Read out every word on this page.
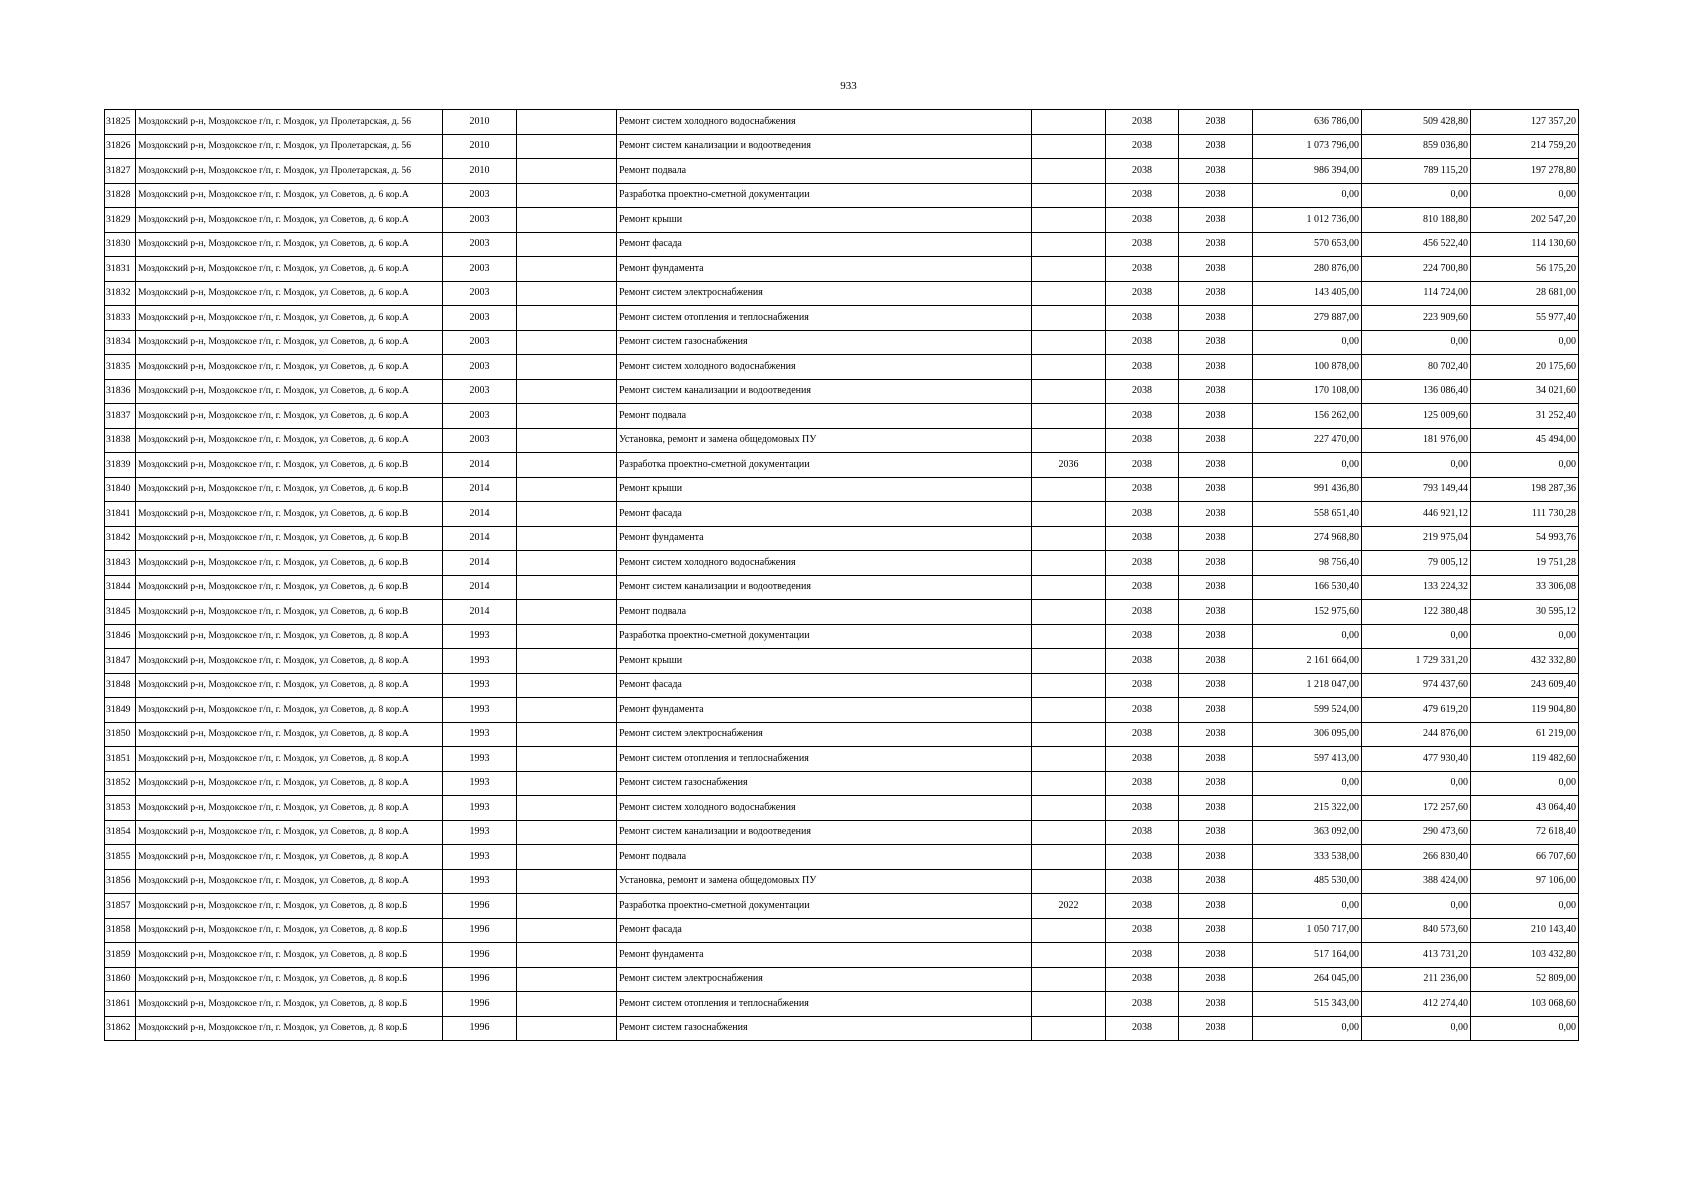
933
31825	Моздокский р-н, Моздокское г/п, г. Моздок, ул Пролетарская, д. 56	2010		Ремонт систем холодного водоснабжения		2038	2038	636 786,00	509 428,80	127 357,20
31826	Моздокский р-н, Моздокское г/п, г. Моздок, ул Пролетарская, д. 56	2010		Ремонт систем канализации и водоотведения		2038	2038	1 073 796,00	859 036,80	214 759,20
31827	Моздокский р-н, Моздокское г/п, г. Моздок, ул Пролетарская, д. 56	2010		Ремонт подвала		2038	2038	986 394,00	789 115,20	197 278,80
31828	Моздокский р-н, Моздокское г/п, г. Моздок, ул Советов, д. 6 кор.А	2003		Разработка проектно-сметной документации		2038	2038	0,00	0,00	0,00
31829	Моздокский р-н, Моздокское г/п, г. Моздок, ул Советов, д. 6 кор.А	2003		Ремонт крыши		2038	2038	1 012 736,00	810 188,80	202 547,20
31830	Моздокский р-н, Моздокское г/п, г. Моздок, ул Советов, д. 6 кор.А	2003		Ремонт фасада		2038	2038	570 653,00	456 522,40	114 130,60
31831	Моздокский р-н, Моздокское г/п, г. Моздок, ул Советов, д. 6 кор.А	2003		Ремонт фундамента		2038	2038	280 876,00	224 700,80	56 175,20
31832	Моздокский р-н, Моздокское г/п, г. Моздок, ул Советов, д. 6 кор.А	2003		Ремонт систем электроснабжения		2038	2038	143 405,00	114 724,00	28 681,00
31833	Моздокский р-н, Моздокское г/п, г. Моздок, ул Советов, д. 6 кор.А	2003		Ремонт систем отопления и теплоснабжения		2038	2038	279 887,00	223 909,60	55 977,40
31834	Моздокский р-н, Моздокское г/п, г. Моздок, ул Советов, д. 6 кор.А	2003		Ремонт систем газоснабжения		2038	2038	0,00	0,00	0,00
31835	Моздокский р-н, Моздокское г/п, г. Моздок, ул Советов, д. 6 кор.А	2003		Ремонт систем холодного водоснабжения		2038	2038	100 878,00	80 702,40	20 175,60
31836	Моздокский р-н, Моздокское г/п, г. Моздок, ул Советов, д. 6 кор.А	2003		Ремонт систем канализации и водоотведения		2038	2038	170 108,00	136 086,40	34 021,60
31837	Моздокский р-н, Моздокское г/п, г. Моздок, ул Советов, д. 6 кор.А	2003		Ремонт подвала		2038	2038	156 262,00	125 009,60	31 252,40
31838	Моздокский р-н, Моздокское г/п, г. Моздок, ул Советов, д. 6 кор.А	2003		Установка, ремонт и замена общедомовых ПУ		2038	2038	227 470,00	181 976,00	45 494,00
31839	Моздокский р-н, Моздокское г/п, г. Моздок, ул Советов, д. 6 кор.В	2014		Разработка проектно-сметной документации	2036	2038	2038	0,00	0,00	0,00
31840	Моздокский р-н, Моздокское г/п, г. Моздок, ул Советов, д. 6 кор.В	2014		Ремонт крыши		2038	2038	991 436,80	793 149,44	198 287,36
31841	Моздокский р-н, Моздокское г/п, г. Моздок, ул Советов, д. 6 кор.В	2014		Ремонт фасада		2038	2038	558 651,40	446 921,12	111 730,28
31842	Моздокский р-н, Моздокское г/п, г. Моздок, ул Советов, д. 6 кор.В	2014		Ремонт фундамента		2038	2038	274 968,80	219 975,04	54 993,76
31843	Моздокский р-н, Моздокское г/п, г. Моздок, ул Советов, д. 6 кор.В	2014		Ремонт систем холодного водоснабжения		2038	2038	98 756,40	79 005,12	19 751,28
31844	Моздокский р-н, Моздокское г/п, г. Моздок, ул Советов, д. 6 кор.В	2014		Ремонт систем канализации и водоотведения		2038	2038	166 530,40	133 224,32	33 306,08
31845	Моздокский р-н, Моздокское г/п, г. Моздок, ул Советов, д. 6 кор.В	2014		Ремонт подвала		2038	2038	152 975,60	122 380,48	30 595,12
31846	Моздокский р-н, Моздокское г/п, г. Моздок, ул Советов, д. 8 кор.А	1993		Разработка проектно-сметной документации		2038	2038	0,00	0,00	0,00
31847	Моздокский р-н, Моздокское г/п, г. Моздок, ул Советов, д. 8 кор.А	1993		Ремонт крыши		2038	2038	2 161 664,00	1 729 331,20	432 332,80
31848	Моздокский р-н, Моздокское г/п, г. Моздок, ул Советов, д. 8 кор.А	1993		Ремонт фасада		2038	2038	1 218 047,00	974 437,60	243 609,40
31849	Моздокский р-н, Моздокское г/п, г. Моздок, ул Советов, д. 8 кор.А	1993		Ремонт фундамента		2038	2038	599 524,00	479 619,20	119 904,80
31850	Моздокский р-н, Моздокское г/п, г. Моздок, ул Советов, д. 8 кор.А	1993		Ремонт систем электроснабжения		2038	2038	306 095,00	244 876,00	61 219,00
31851	Моздокский р-н, Моздокское г/п, г. Моздок, ул Советов, д. 8 кор.А	1993		Ремонт систем отопления и теплоснабжения		2038	2038	597 413,00	477 930,40	119 482,60
31852	Моздокский р-н, Моздокское г/п, г. Моздок, ул Советов, д. 8 кор.А	1993		Ремонт систем газоснабжения		2038	2038	0,00	0,00	0,00
31853	Моздокский р-н, Моздокское г/п, г. Моздок, ул Советов, д. 8 кор.А	1993		Ремонт систем холодного водоснабжения		2038	2038	215 322,00	172 257,60	43 064,40
31854	Моздокский р-н, Моздокское г/п, г. Моздок, ул Советов, д. 8 кор.А	1993		Ремонт систем канализации и водоотведения		2038	2038	363 092,00	290 473,60	72 618,40
31855	Моздокский р-н, Моздокское г/п, г. Моздок, ул Советов, д. 8 кор.А	1993		Ремонт подвала		2038	2038	333 538,00	266 830,40	66 707,60
31856	Моздокский р-н, Моздокское г/п, г. Моздок, ул Советов, д. 8 кор.А	1993		Установка, ремонт и замена общедомовых ПУ		2038	2038	485 530,00	388 424,00	97 106,00
31857	Моздокский р-н, Моздокское г/п, г. Моздок, ул Советов, д. 8 кор.Б	1996		Разработка проектно-сметной документации	2022	2038	2038	0,00	0,00	0,00
31858	Моздокский р-н, Моздокское г/п, г. Моздок, ул Советов, д. 8 кор.Б	1996		Ремонт фасада		2038	2038	1 050 717,00	840 573,60	210 143,40
31859	Моздокский р-н, Моздокское г/п, г. Моздок, ул Советов, д. 8 кор.Б	1996		Ремонт фундамента		2038	2038	517 164,00	413 731,20	103 432,80
31860	Моздокский р-н, Моздокское г/п, г. Моздок, ул Советов, д. 8 кор.Б	1996		Ремонт систем электроснабжения		2038	2038	264 045,00	211 236,00	52 809,00
31861	Моздокский р-н, Моздокское г/п, г. Моздок, ул Советов, д. 8 кор.Б	1996		Ремонт систем отопления и теплоснабжения		2038	2038	515 343,00	412 274,40	103 068,60
31862	Моздокский р-н, Моздокское г/п, г. Моздок, ул Советов, д. 8 кор.Б	1996		Ремонт систем газоснабжения		2038	2038	0,00	0,00	0,00
